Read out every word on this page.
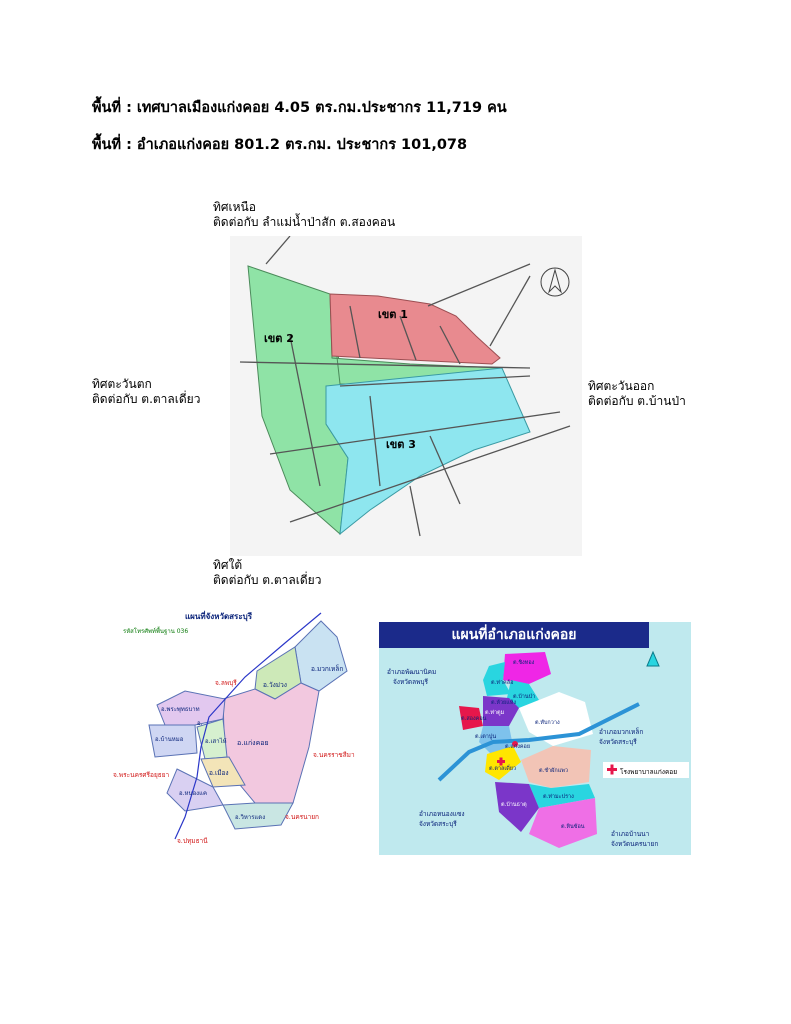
พื้นที่ : เทศบาลเมืองแก่งคอย 4.05 ตร.กม.ประชากร 11,719 คน
พื้นที่ : อำเภอแก่งคอย 801.2 ตร.กม. ประชากร 101,078
ทิศเหนือ
ติดต่อกับ ลำแม่น้ำป่าสัก ต.สองคอน
ทิศตะวันตก
ติดต่อกับ ต.ตาลเดี่ยว
ทิศตะวันออก
ติดต่อกับ ต.บ้านป่า
ทิศใต้
ติดต่อกับ ต.ตาลเดี่ยว
เขต 1
เขต 2
เขต 3
แผนที่จังหวัดสระบุรี
รหัสโทรศัพท์พื้นฐาน 036
อ.มวกเหล็ก
อ.วังม่วง
อ.พระพุทธบาท
อ.แก่งคอย
อ.บ้านหมอ	อ.เสาไห้
อ.เมือง
อ.หนองแค
อ.วิหารแดง
อ.
จ.ลพบุรี
จ.นครราชสีมา
จ.พระนครศรีอยุธยา
จ.ปทุมธานี
จ.นครนายก
แผนที่อำเภอแก่งคอย
โรงพยาบาลแก่งคอย
อำเภอพัฒนานิคม
จังหวัดลพบุรี
อำเภอมวกเหล็ก
จังหวัดสระบุรี
อำเภอหนองแซง
จังหวัดสระบุรี
อำเภอบ้านนา
จังหวัดนครนายก
ต.ชิงทอง
ต.ท่าคล้อ
ต.บ้านป่า
ต.ทับกวาง
ต.สองคอน
ต.ท่าตูม
ต.แก่งคอย
ต.ตาลเดี่ยว
ต.ท่ามะปราง
ต.ชำผักแพว
ต.บ้านธาตุ
ต.เตาปูน
ต.หินซ้อน
ต.ห้วยแห้ง
